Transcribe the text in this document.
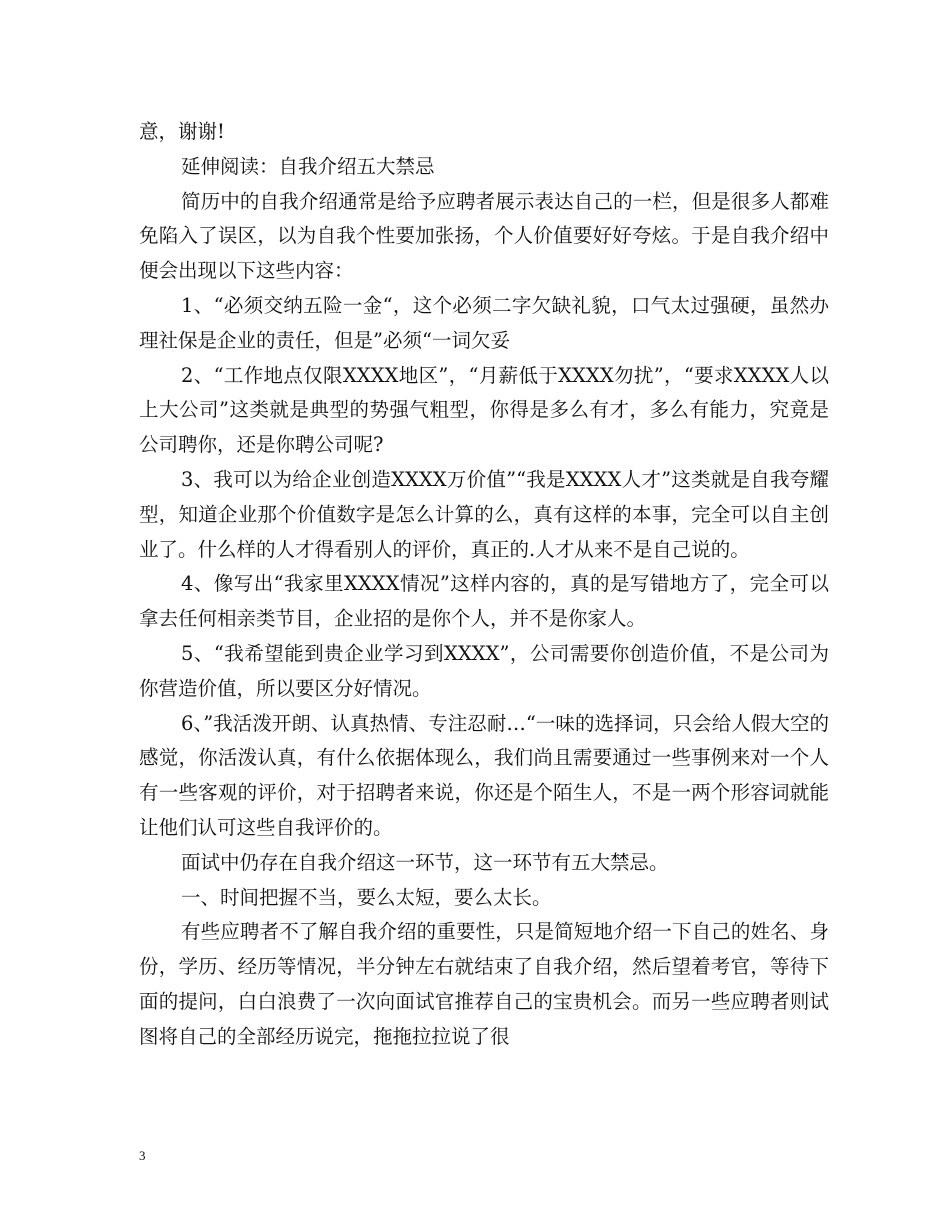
意，谢谢!

延伸阅读：自我介绍五大禁忌

简历中的自我介绍通常是给予应聘者展示表达自己的一栏，但是很多人都难免陷入了误区，以为自我个性要加张扬，个人价值要好好夸炫。于是自我介绍中便会出现以下这些内容：

1、“必须交纳五险一金“，这个必须二字欠缺礼貌，口气太过强硬，虽然办理社保是企业的责任，但是”必须“一词欠妥

2、“工作地点仅限XXXX地区”，“月薪低于XXXX勿扰”，“要求XXXX人以上大公司”这类就是典型的势强气粗型，你得是多么有才，多么有能力，究竟是公司聘你，还是你聘公司呢?

3、我可以为给企业创造XXXX万价值”“我是XXXX人才”这类就是自我夸耀型，知道企业那个价值数字是怎么计算的么，真有这样的本事，完全可以自主创业了。什么样的人才得看别人的评价，真正的.人才从来不是自己说的。

4、像写出“我家里XXXX情况”这样内容的，真的是写错地方了，完全可以拿去任何相亲类节目，企业招的是你个人，并不是你家人。

5、“我希望能到贵企业学习到XXXX”，公司需要你创造价值，不是公司为你营造价值，所以要区分好情况。

6、”我活泼开朗、认真热情、专注忍耐…“一味的选择词，只会给人假大空的感觉，你活泼认真，有什么依据体现么，我们尚且需要通过一些事例来对一个人有一些客观的评价，对于招聘者来说，你还是个陌生人，不是一两个形容词就能让他们认可这些自我评价的。

面试中仍存在自我介绍这一环节，这一环节有五大禁忌。

一、时间把握不当，要么太短，要么太长。

有些应聘者不了解自我介绍的重要性，只是简短地介绍一下自己的姓名、身份，学历、经历等情况，半分钟左右就结束了自我介绍，然后望着考官，等待下面的提问，白白浪费了一次向面试官推荐自己的宝贵机会。而另一些应聘者则试图将自己的全部经历说完，拖拖拉拉说了很

3
